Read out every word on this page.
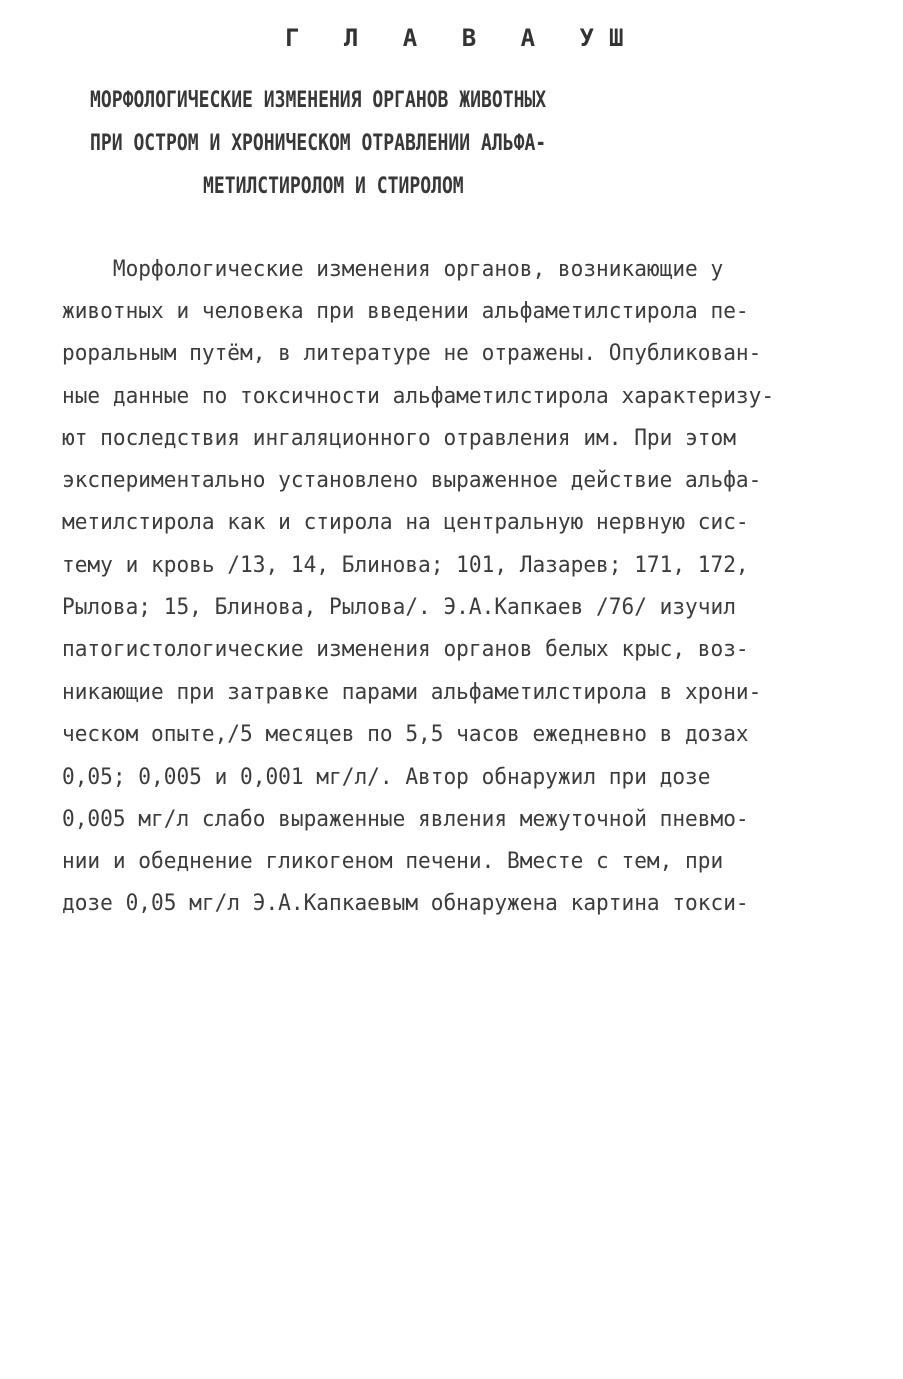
Г Л А В А УШ
МОРФОЛОГИЧЕСКИЕ ИЗМЕНЕНИЯ ОРГАНОВ ЖИВОТНЫХ
ПРИ ОСТРОМ И ХРОНИЧЕСКОМ ОТРАВЛЕНИИ АЛЬФА-
МЕТИЛСТИРОЛОМ И СТИРОЛОМ
Морфологические изменения органов, возникающие у
животных и человека при введении альфаметилстирола пе-
роральным путём, в литературе не отражены. Опубликован-
ные данные по токсичности альфаметилстирола характеризу-
ют последствия ингаляционного отравления им. При этом
экспериментально установлено выраженное действие альфа-
метилстирола как и стирола на центральную нервную сис-
тему и кровь /13, 14, Блинова; 101, Лазарев; 171, 172,
Рылова; 15, Блинова, Рылова/. Э.А.Капкаев /76/ изучил
патогистологические изменения органов белых крыс, воз-
никающие при затравке парами альфаметилстирола в хрони-
ческом опыте,/5 месяцев по 5,5 часов ежедневно в дозах
0,05; 0,005 и 0,001 мг/л/. Автор обнаружил при дозе
0,005 мг/л слабо выраженные явления межуточной пневмо-
нии и обеднение гликогеном печени. Вместе с тем, при
дозе 0,05 мг/л Э.А.Капкаевым обнаружена картина токси-
